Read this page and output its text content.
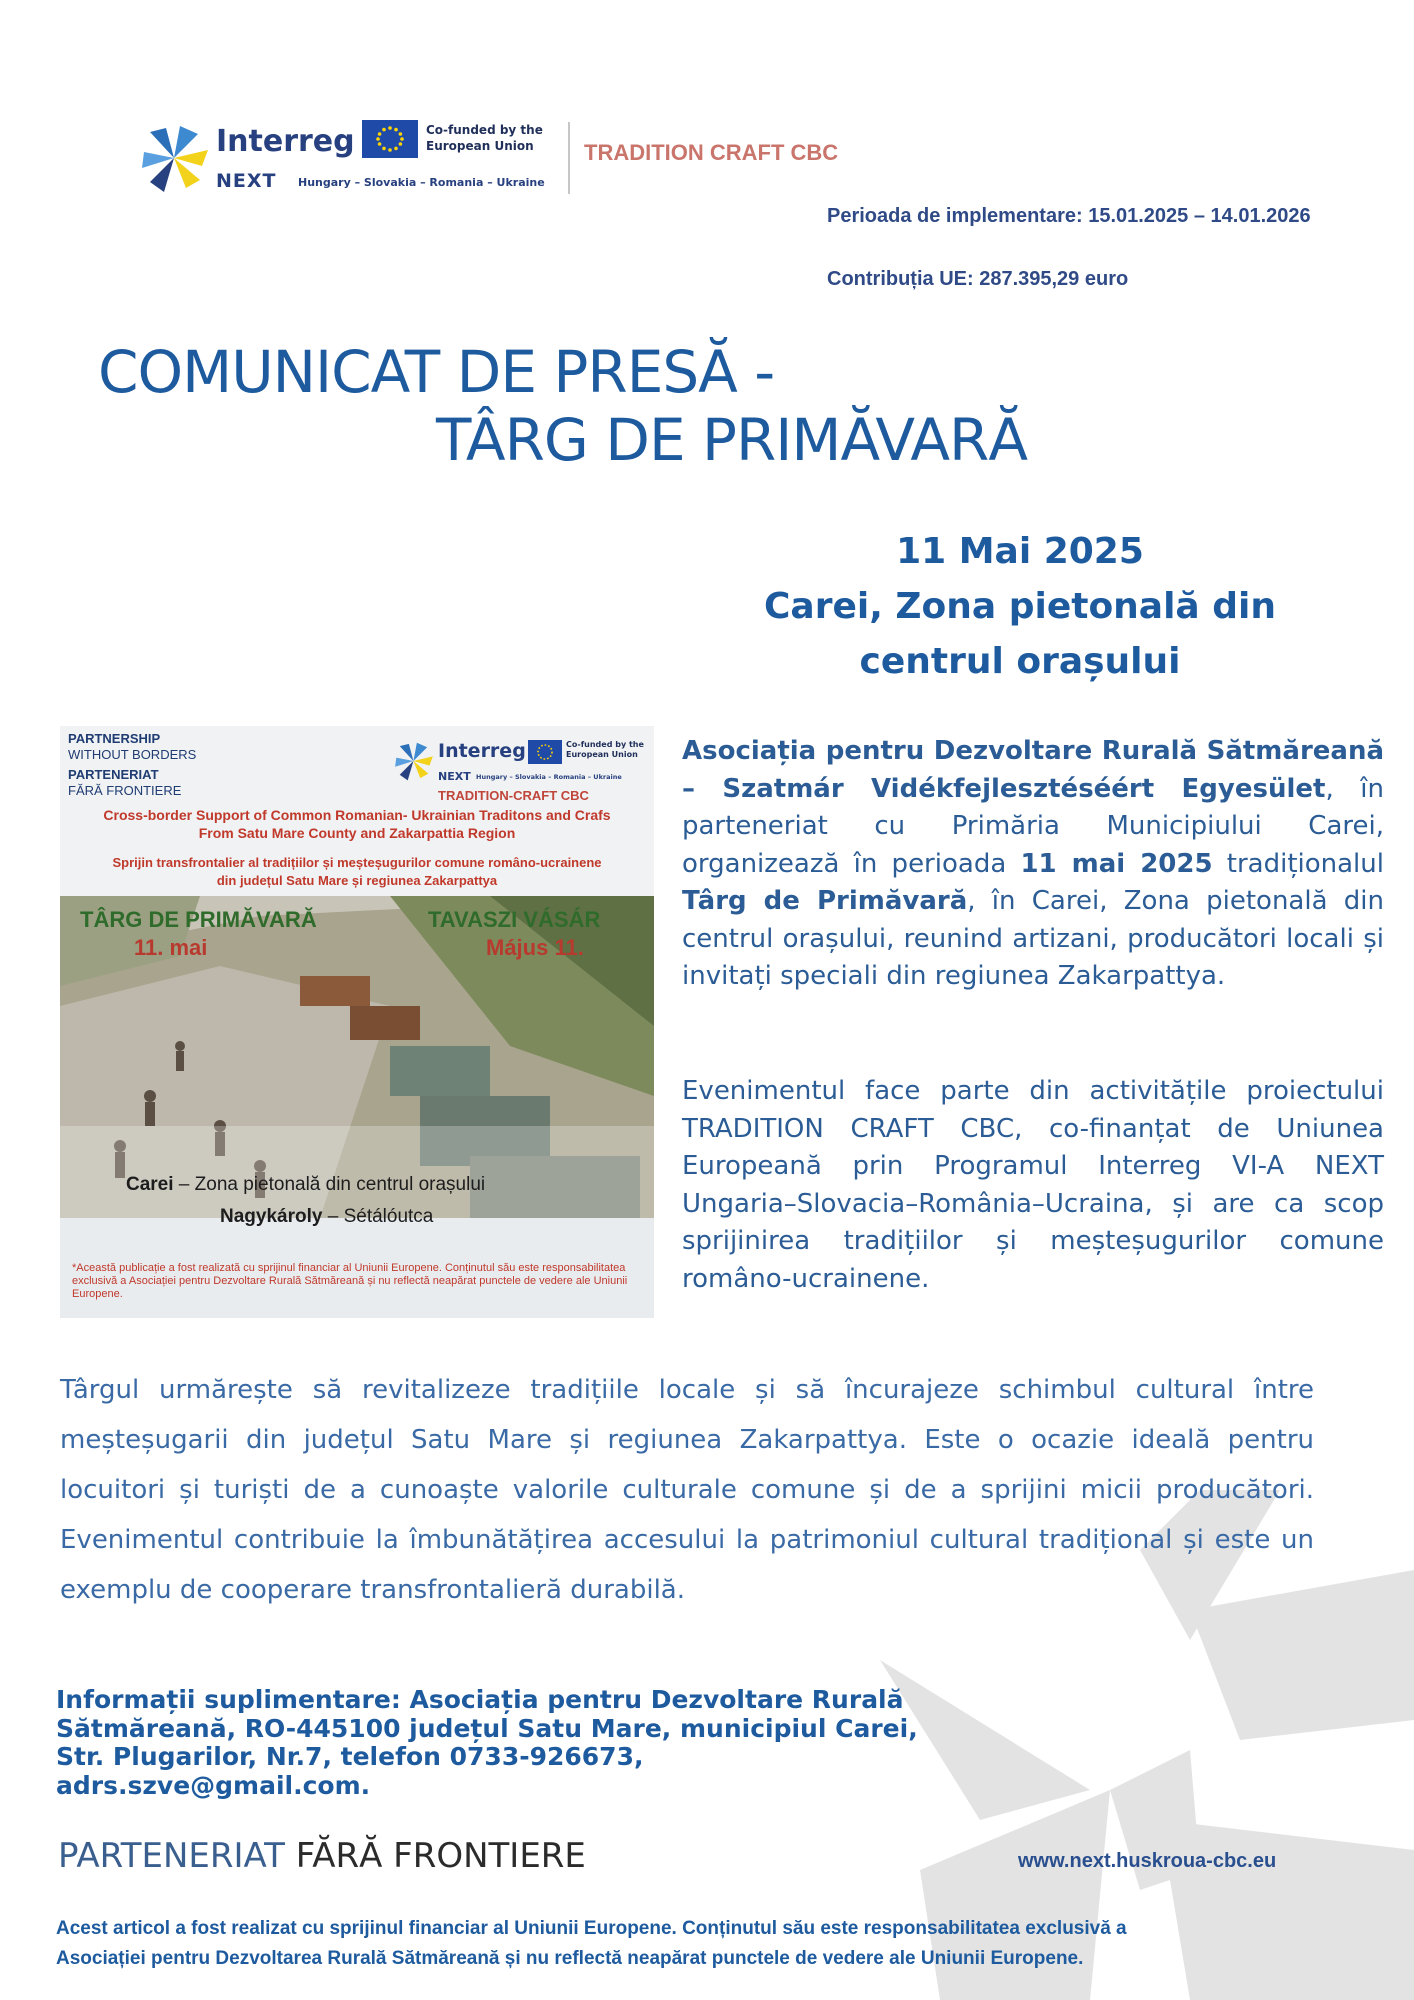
Interreg	Co-funded by the European Union
NEXT Hungary – Slovakia – Romania – Ukraine
TRADITION CRAFT CBC
Perioada de implementare: 15.01.2025 – 14.01.2026
Contribuția UE: 287.395,29 euro
COMUNICAT DE PRESĂ -
TÂRG DE PRIMĂVARĂ
11 Mai 2025
Carei, Zona pietonală din
centrul orașului
PARTNERSHIP
WITHOUT BORDERS
PARTENERIAT
FĂRĂ FRONTIERE
Interreg	Co-funded by the European Union
NEXT Hungary – Slovakia – Romania – Ukraine
TRADITION-CRAFT CBC
Cross-border Support of Common Romanian- Ukrainian Traditons and Crafs
From Satu Mare County and Zakarpattia Region
Sprijin transfrontalier al tradițiilor și meșteșugurilor comune româno-ucrainene
din județul Satu Mare și regiunea Zakarpattya
TÂRG DE PRIMĂVARĂ
11. mai
TAVASZI VÁSÁR
Május 11.
Carei – Zona pietonală din centrul orașului
Nagykároly – Sétálóutca
*Această publicație a fost realizată cu sprijinul financiar al Uniunii Europene. Conținutul său este responsabilitatea exclusivă a Asociației pentru Dezvoltare Rurală Sătmăreană și nu reflectă neapărat punctele de vedere ale Uniunii Europene.
Asociația pentru Dezvoltare Rurală Sătmăreană – Szatmár Vidékfejlesztéséért Egyesület, în parteneriat cu Primăria Municipiului Carei, organizează în perioada 11 mai 2025 tradiționalul Târg de Primăvară, în Carei, Zona pietonală din centrul orașului, reunind artizani, producători locali și invitați speciali din regiunea Zakarpattya.
Evenimentul face parte din activitățile proiectului TRADITION CRAFT CBC, co-finanțat de Uniunea Europeană prin Programul Interreg VI-A NEXT Ungaria–Slovacia–România–Ucraina, și are ca scop sprijinirea tradițiilor și meșteșugurilor comune româno-ucrainene.
Târgul urmărește să revitalizeze tradițiile locale și să încurajeze schimbul cultural între meșteșugarii din județul Satu Mare și regiunea Zakarpattya. Este o ocazie ideală pentru locuitori și turiști de a cunoaște valorile culturale comune și de a sprijini micii producători. Evenimentul contribuie la îmbunătățirea accesului la patrimoniul cultural tradițional și este un exemplu de cooperare transfrontalieră durabilă.
Informații suplimentare: Asociația pentru Dezvoltare Rurală
Sătmăreană, RO-445100 județul Satu Mare, municipiul Carei,
Str. Plugarilor, Nr.7, telefon 0733-926673,
adrs.szve@gmail.com.
PARTENERIAT FĂRĂ FRONTIERE	www.next.huskroua-cbc.eu
Acest articol a fost realizat cu sprijinul financiar al Uniunii Europene. Conținutul său este responsabilitatea exclusivă a
Asociației pentru Dezvoltarea Rurală Sătmăreană și nu reflectă neapărat punctele de vedere ale Uniunii Europene.
